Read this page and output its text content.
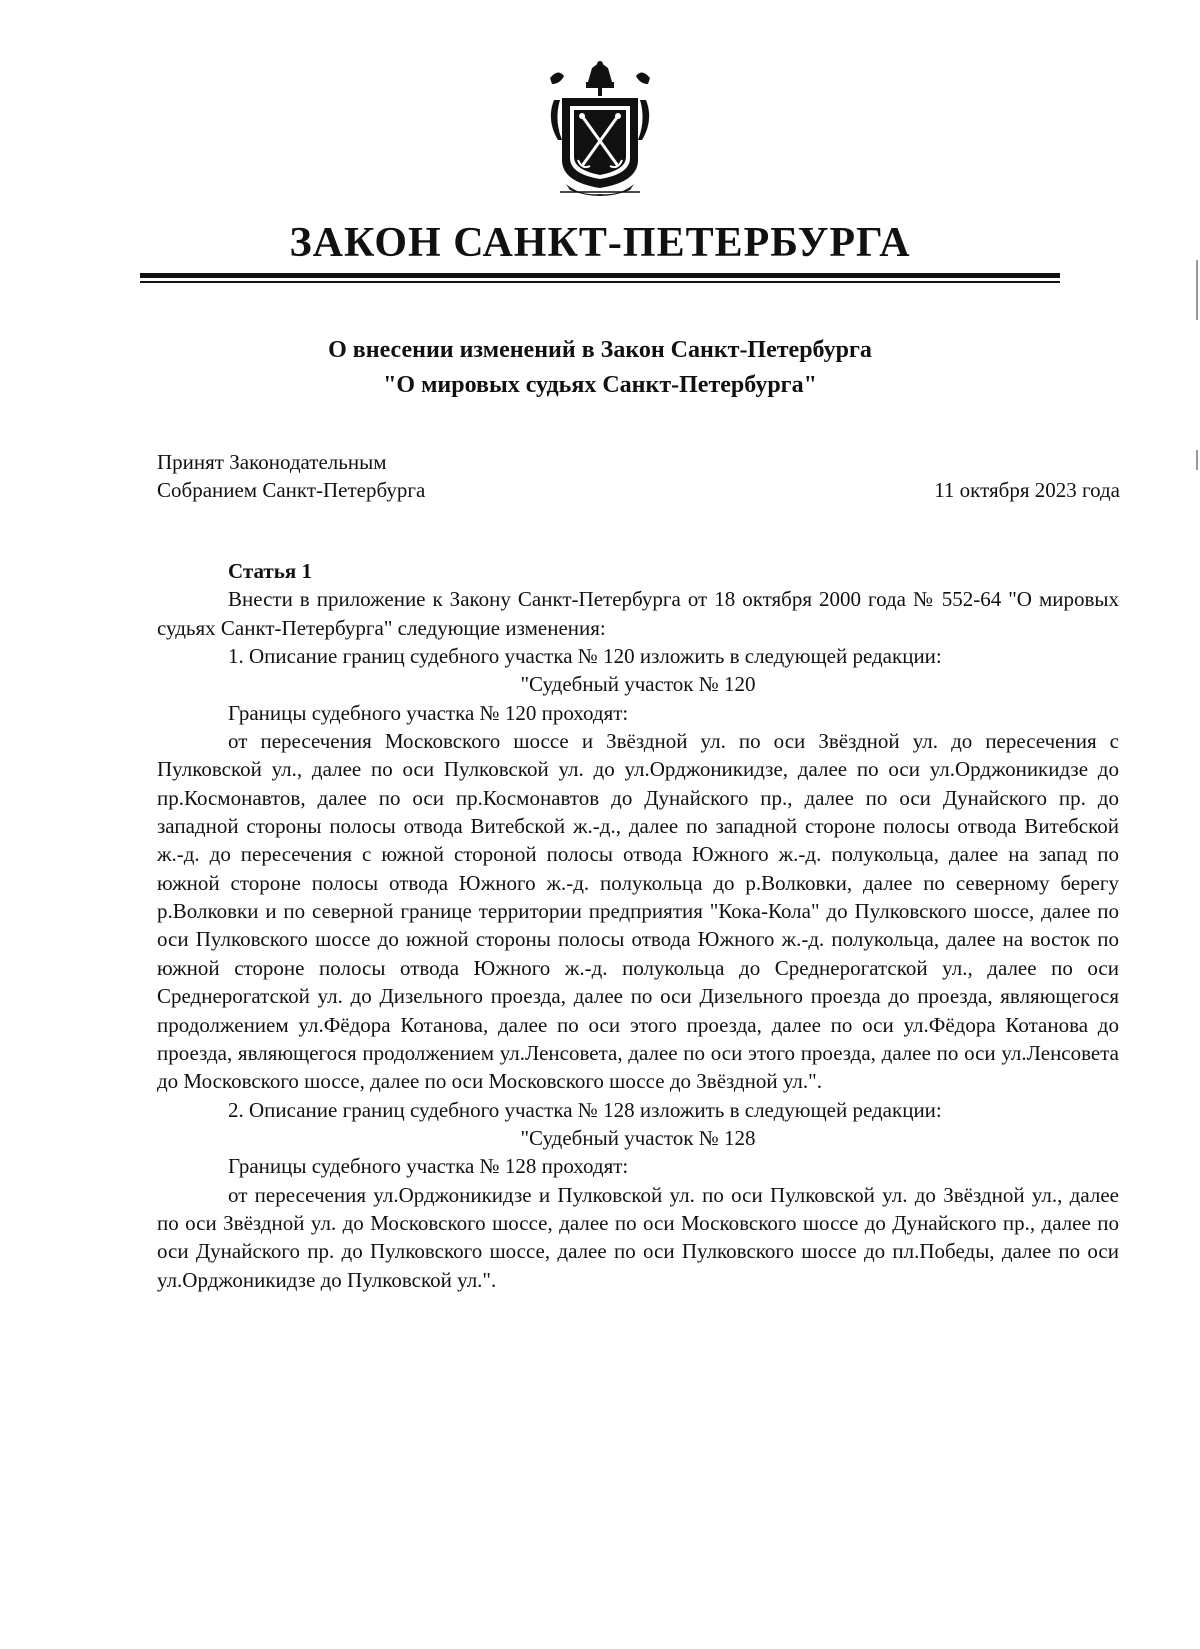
ЗАКОН САНКТ-ПЕТЕРБУРГА
О внесении изменений в Закон Санкт-Петербурга
"О мировых судьях Санкт-Петербурга"
Принят Законодательным
Собранием Санкт-Петербурга	11 октября 2023 года

Статья 1

Внести в приложение к Закону Санкт-Петербурга от 18 октября 2000 года № 552-64 "О мировых судьях Санкт-Петербурга" следующие изменения:

1. Описание границ судебного участка № 120 изложить в следующей редакции:

"Судебный участок № 120

Границы судебного участка № 120 проходят:

от пересечения Московского шоссе и Звёздной ул. по оси Звёздной ул. до пересечения с Пулковской ул., далее по оси Пулковской ул. до ул.Орджоникидзе, далее по оси ул.Орджоникидзе до пр.Космонавтов, далее по оси пр.Космонавтов до Дунайского пр., далее по оси Дунайского пр. до западной стороны полосы отвода Витебской ж.-д., далее по западной стороне полосы отвода Витебской ж.-д. до пересечения с южной стороной полосы отвода Южного ж.-д. полукольца, далее на запад по южной стороне полосы отвода Южного ж.-д. полукольца до р.Волковки, далее по северному берегу р.Волковки и по северной границе территории предприятия "Кока-Кола" до Пулковского шоссе, далее по оси Пулковского шоссе до южной стороны полосы отвода Южного ж.-д. полукольца, далее на восток по южной стороне полосы отвода Южного ж.-д. полукольца до Среднерогатской ул., далее по оси Среднерогатской ул. до Дизельного проезда, далее по оси Дизельного проезда до проезда, являющегося продолжением ул.Фёдора Котанова, далее по оси этого проезда, далее по оси ул.Фёдора Котанова до проезда, являющегося продолжением ул.Ленсовета, далее по оси этого проезда, далее по оси ул.Ленсовета до Московского шоссе, далее по оси Московского шоссе до Звёздной ул.".

2. Описание границ судебного участка № 128 изложить в следующей редакции:

"Судебный участок № 128

Границы судебного участка № 128 проходят:

от пересечения ул.Орджоникидзе и Пулковской ул. по оси Пулковской ул. до Звёздной ул., далее по оси Звёздной ул. до Московского шоссе, далее по оси Московского шоссе до Дунайского пр., далее по оси Дунайского пр. до Пулковского шоссе, далее по оси Пулковского шоссе до пл.Победы, далее по оси ул.Орджоникидзе до Пулковской ул.".
